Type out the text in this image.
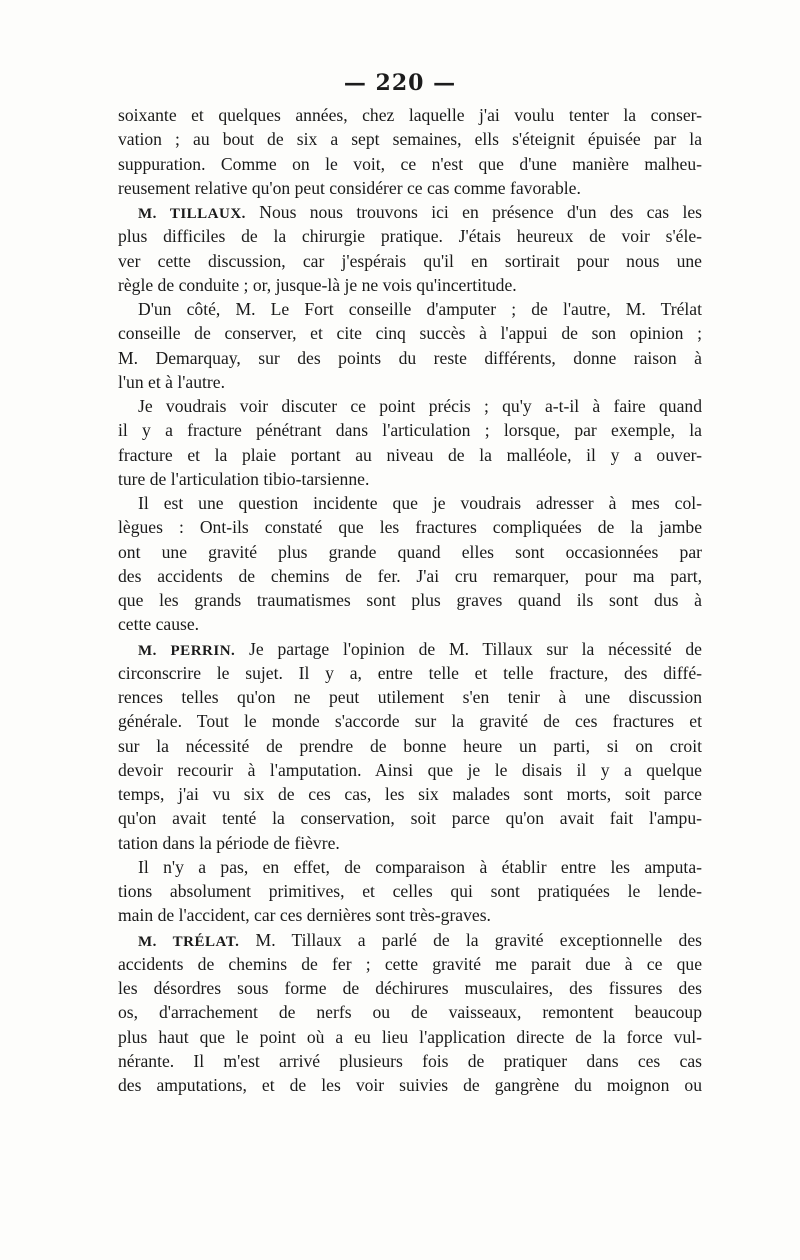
— 220 —
soixante et quelques années, chez laquelle j'ai voulu tenter la conser-
vation ; au bout de six a sept semaines, ells s'éteignit épuisée par la
suppuration. Comme on le voit, ce n'est que d'une manière malheu-
reusement relative qu'on peut considérer ce cas comme favorable.
M. TILLAUX. Nous nous trouvons ici en présence d'un des cas les
plus difficiles de la chirurgie pratique. J'étais heureux de voir s'éle-
ver cette discussion, car j'espérais qu'il en sortirait pour nous une
règle de conduite ; or, jusque-là je ne vois qu'incertitude.
D'un côté, M. Le Fort conseille d'amputer ; de l'autre, M. Trélat
conseille de conserver, et cite cinq succès à l'appui de son opinion ;
M. Demarquay, sur des points du reste différents, donne raison à
l'un et à l'autre.
Je voudrais voir discuter ce point précis ; qu'y a-t-il à faire quand
il y a fracture pénétrant dans l'articulation ; lorsque, par exemple, la
fracture et la plaie portant au niveau de la malléole, il y a ouver-
ture de l'articulation tibio-tarsienne.
Il est une question incidente que je voudrais adresser à mes col-
lègues : Ont-ils constaté que les fractures compliquées de la jambe
ont une gravité plus grande quand elles sont occasionnées par
des accidents de chemins de fer. J'ai cru remarquer, pour ma part,
que les grands traumatismes sont plus graves quand ils sont dus à
cette cause.
M. PERRIN. Je partage l'opinion de M. Tillaux sur la nécessité de
circonscrire le sujet. Il y a, entre telle et telle fracture, des diffé-
rences telles qu'on ne peut utilement s'en tenir à une discussion
générale. Tout le monde s'accorde sur la gravité de ces fractures et
sur la nécessité de prendre de bonne heure un parti, si on croit
devoir recourir à l'amputation. Ainsi que je le disais il y a quelque
temps, j'ai vu six de ces cas, les six malades sont morts, soit parce
qu'on avait tenté la conservation, soit parce qu'on avait fait l'ampu-
tation dans la période de fièvre.
Il n'y a pas, en effet, de comparaison à établir entre les amputa-
tions absolument primitives, et celles qui sont pratiquées le lende-
main de l'accident, car ces dernières sont très-graves.
M. TRÉLAT. M. Tillaux a parlé de la gravité exceptionnelle des
accidents de chemins de fer ; cette gravité me parait due à ce que
les désordres sous forme de déchirures musculaires, des fissures des
os, d'arrachement de nerfs ou de vaisseaux, remontent beaucoup
plus haut que le point où a eu lieu l'application directe de la force vul-
nérante. Il m'est arrivé plusieurs fois de pratiquer dans ces cas
des amputations, et de les voir suivies de gangrène du moignon ou
